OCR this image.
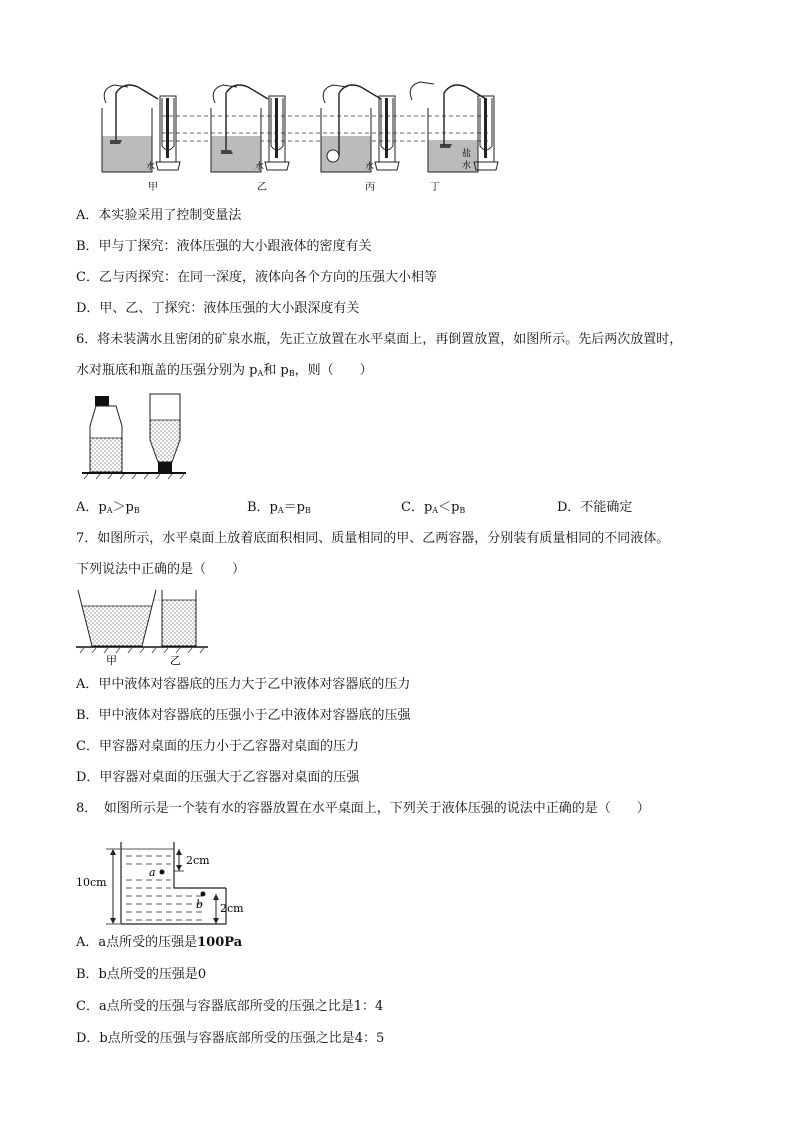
水
甲
水
乙
水
丙
盐
水
丁
A．本实验采用了控制变量法
B．甲与丁探究：液体压强的大小跟液体的密度有关
C．乙与丙探究：在同一深度，液体向各个方向的压强大小相等
D．甲、乙、丁探究：液体压强的大小跟深度有关
6．将未装满水且密闭的矿泉水瓶，先正立放置在水平桌面上，再倒置放置，如图所示。先后两次放置时，
水对瓶底和瓶盖的压强分别为 $p_A$和 $p_B$，则（　　）
A．$p_A>p_B$	B．$p_A=p_B$	C．$p_A<p_B$	D．不能确定
7．如图所示，水平桌面上放着底面积相同、质量相同的甲、乙两容器，分别装有质量相同的不同液体。
下列说法中正确的是（　　）
甲	乙
A．甲中液体对容器底的压力大于乙中液体对容器底的压力
B．甲中液体对容器底的压强小于乙中液体对容器底的压强
C．甲容器对桌面的压力小于乙容器对桌面的压力
D．甲容器对桌面的压强大于乙容器对桌面的压强
8．　如图所示是一个装有水的容器放置在水平桌面上，下列关于液体压强的说法中正确的是（　　）
10cm
2cm
2cm
a
b
A．a点所受的压强是100Pa
B．b点所受的压强是0
C．a点所受的压强与容器底部所受的压强之比是1：4
D．b点所受的压强与容器底部所受的压强之比是4：5
